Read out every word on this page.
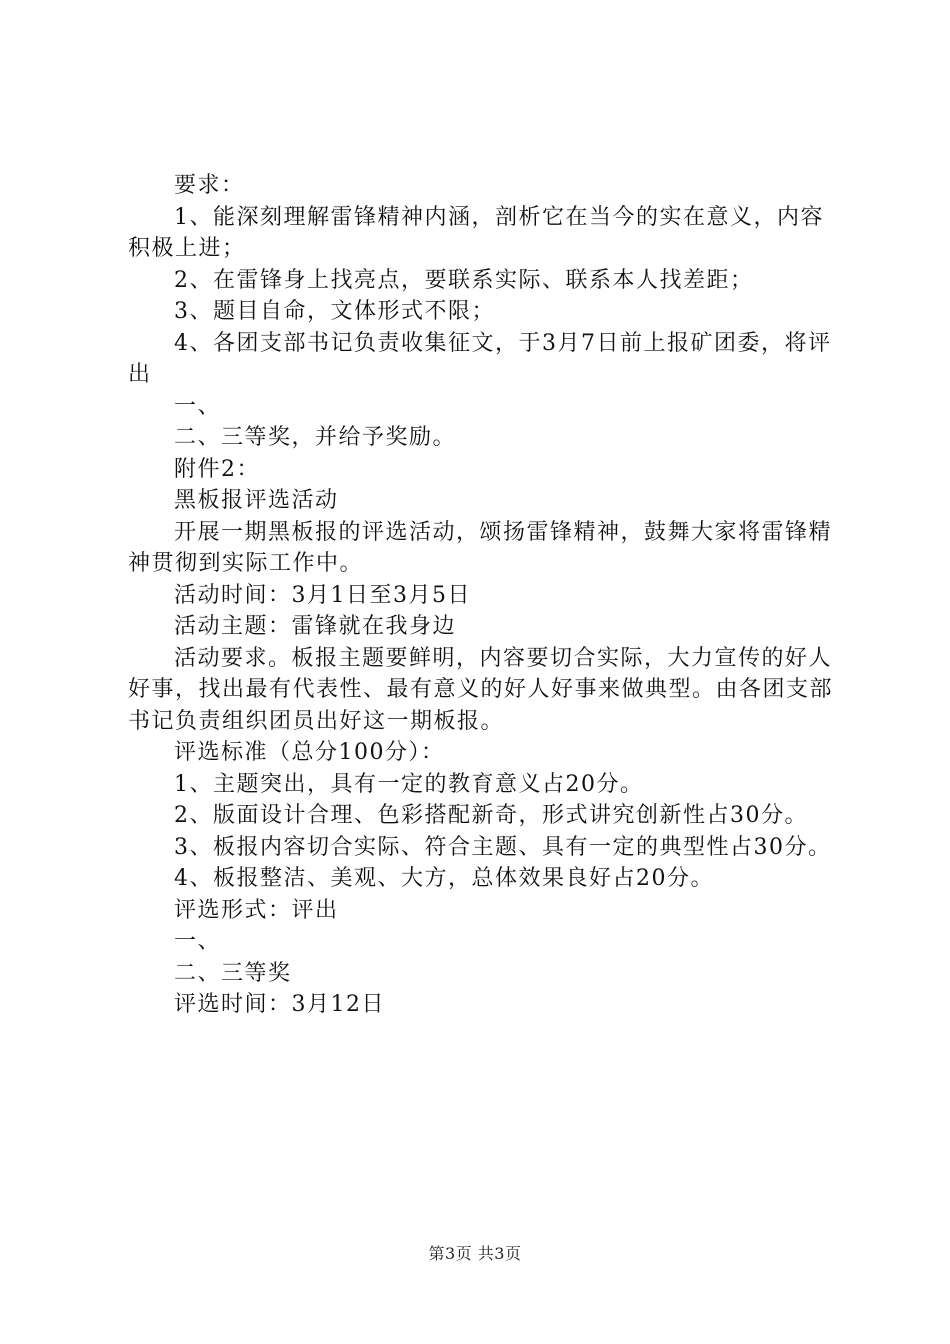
要求：

1、能深刻理解雷锋精神内涵，剖析它在当今的实在意义，内容积极上进；

2、在雷锋身上找亮点，要联系实际、联系本人找差距；

3、题目自命，文体形式不限；

4、各团支部书记负责收集征文，于3月7日前上报矿团委，将评出

一、

二、三等奖，并给予奖励。

附件2：

黑板报评选活动

开展一期黑板报的评选活动，颂扬雷锋精神，鼓舞大家将雷锋精神贯彻到实际工作中。

活动时间：3月1日至3月5日

活动主题：雷锋就在我身边

活动要求。板报主题要鲜明，内容要切合实际，大力宣传的好人好事，找出最有代表性、最有意义的好人好事来做典型。由各团支部书记负责组织团员出好这一期板报。

评选标准（总分100分）：

1、主题突出，具有一定的教育意义占20分。

2、版面设计合理、色彩搭配新奇，形式讲究创新性占30分。

3、板报内容切合实际、符合主题、具有一定的典型性占30分。

4、板报整洁、美观、大方，总体效果良好占20分。

评选形式：评出

一、

二、三等奖

评选时间：3月12日

第3页 共3页
